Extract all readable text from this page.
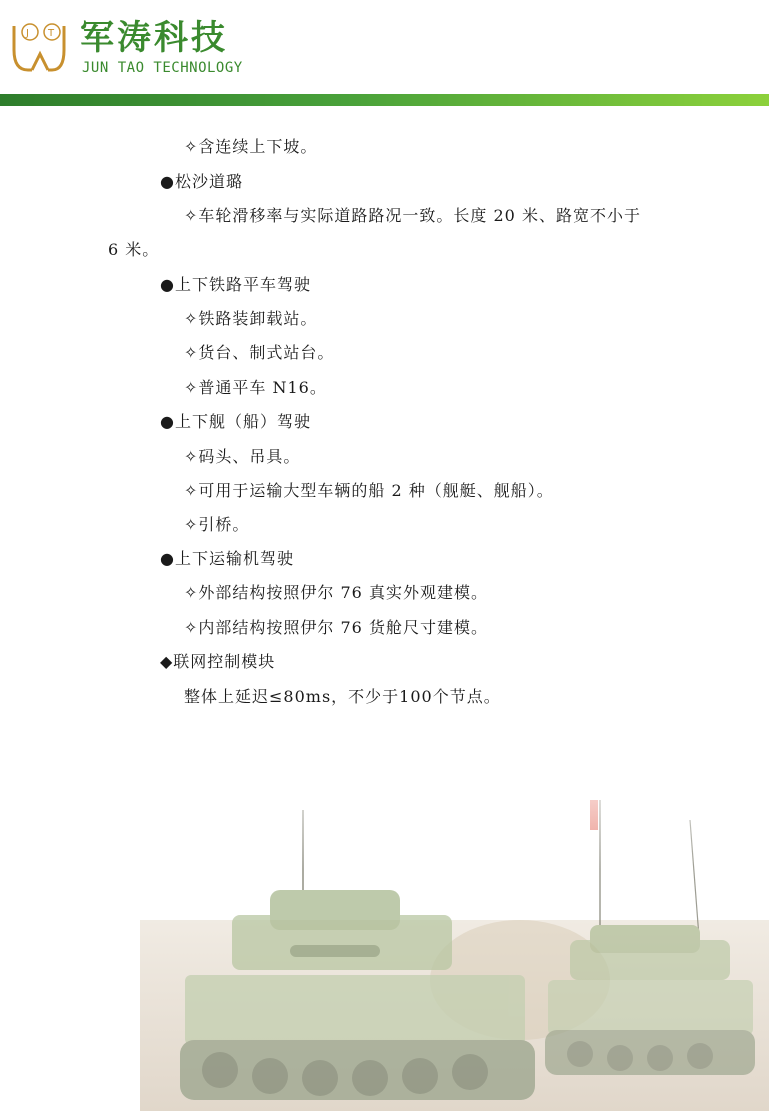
J T 军涛科技
JUN TAO TECHNOLOGY
✧含连续上下坡。
●松沙道璐
✧车轮滑移率与实际道路路况一致。长度 20 米、路宽不小于
6 米。
●上下铁路平车驾驶
✧铁路装卸载站。
✧货台、制式站台。
✧普通平车 N16。
●上下舰（船）驾驶
✧码头、吊具。
✧可用于运输大型车辆的船 2 种（舰艇、舰船）。
✧引桥。
●上下运输机驾驶
✧外部结构按照伊尔 76 真实外观建模。
✧内部结构按照伊尔 76 货舱尺寸建模。
◆联网控制模块
整体上延迟≤80ms，不少于100个节点。
